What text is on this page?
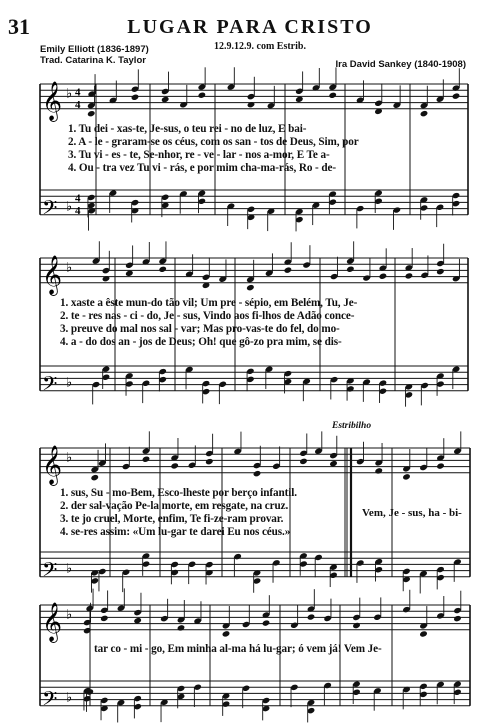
31	LUGAR PARA CRISTO
12.9.12.9. com Estrib.
Emily Elliott (1836-1897)
Trad. Catarina K. Taylor	Ira David Sankey (1840-1908)
𝄞
𝄢
♭
♭
4
4
4
4
𝄞
𝄢
♭
♭
𝄞
𝄢
♭
♭
𝄞
𝄢
♭
♭
1. Tu dei - xas-te, Je-sus, o teu rei - no de luz, E bai-
2. A - le - graram-se os céus, com os san - tos de Deus, Sim, por
3. Tu vi - es - te, Se-nhor, re - ve - lar - nos a-mor, E Te a-
4. Ou - tra vez Tu vi - rás, e por mim cha-ma-rás, Ro - de-
1. xaste a êste mun-do tão vil; Um pre - sépio, em Belém, Tu, Je-
2. te - res nas - ci - do, Je - sus, Vindo aos fi-lhos de Adão conce-
3. preuve do mal nos sal - var; Mas pro-vas-te do fel, do mo-
4. a - do dos an - jos de Deus; Oh! que gô-zo pra mim, se dis-
Estribilho
1. sus, Su - mo-Bem, Esco-lheste por berço infantil.
2. der sal-vação Pe-la morte, em resgate, na cruz.
3. te jo cruel, Morte, enfim, Te fi-ze-ram provar.
4. se-res assim: «Um lu-gar te darei Eu nos céus.»
Vem, Je - sus, ha - bi-
tar co - mi - go, Em minha al-ma há lu-gar; ó vem já! Vem Je-
